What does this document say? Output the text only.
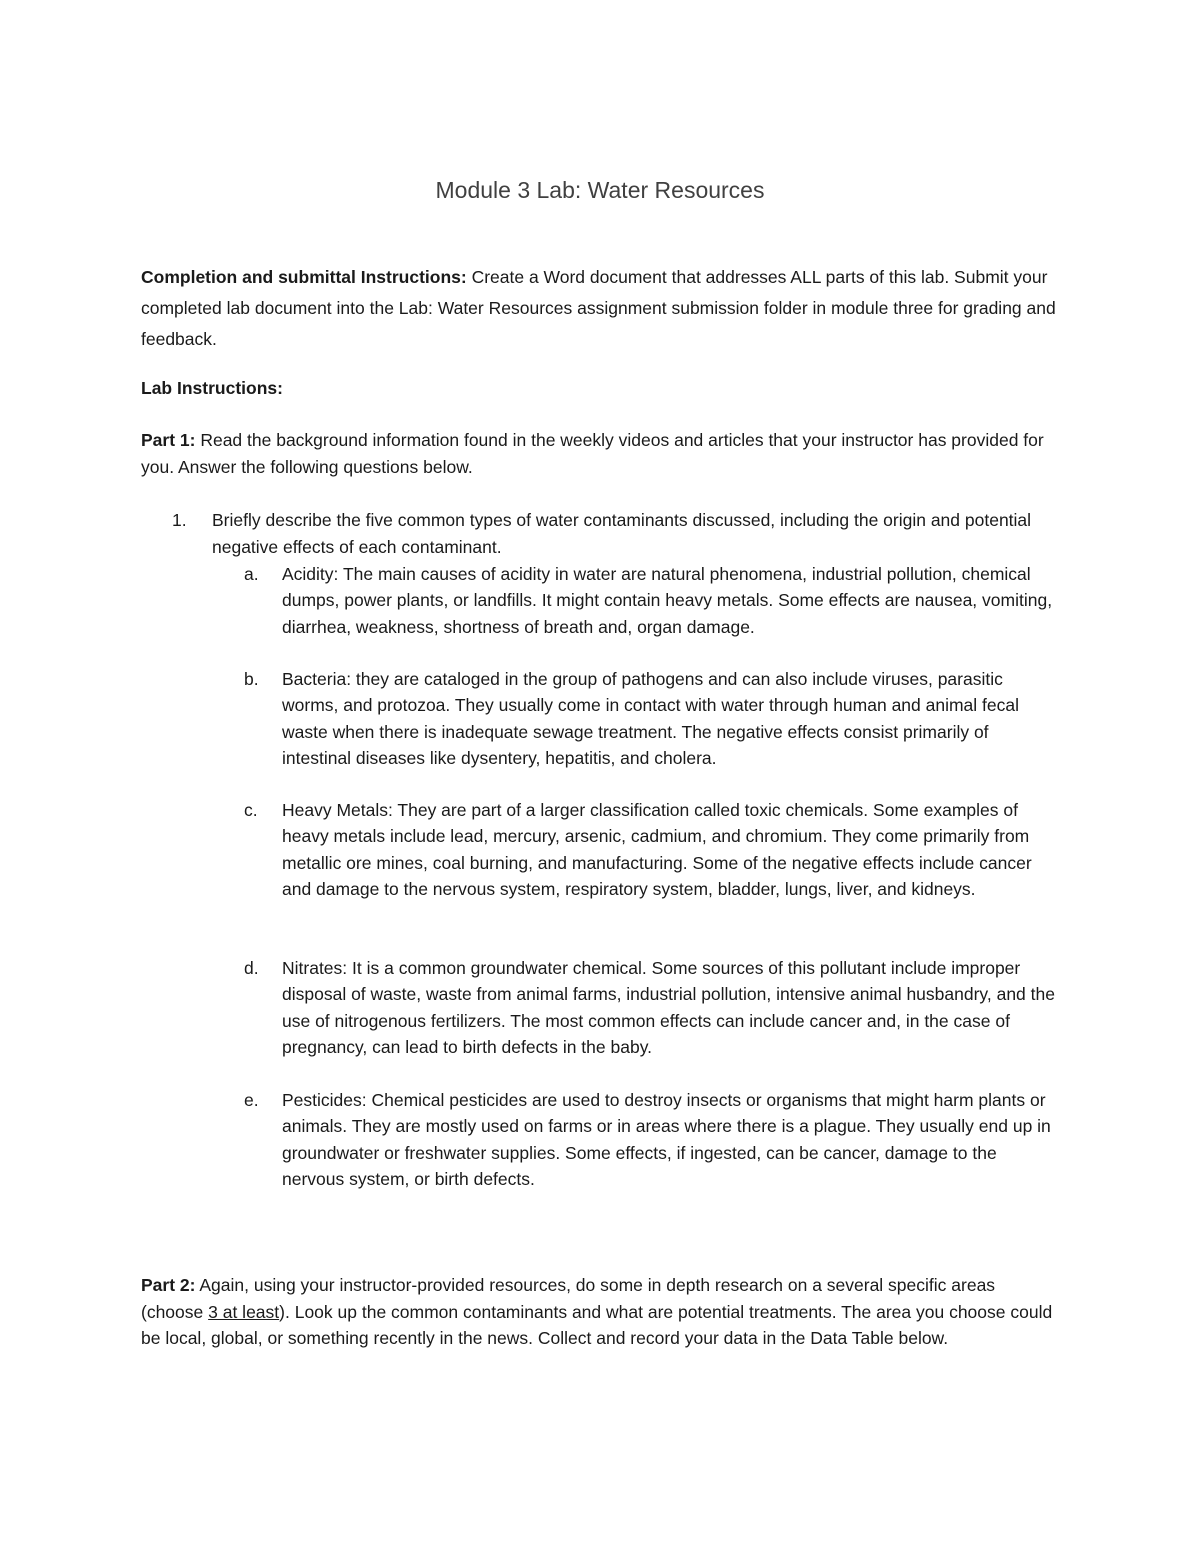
Module 3 Lab: Water Resources
Completion and submittal Instructions: Create a Word document that addresses ALL parts of this lab. Submit your completed lab document into the Lab: Water Resources assignment submission folder in module three for grading and feedback.
Lab Instructions:
Part 1: Read the background information found in the weekly videos and articles that your instructor has provided for you. Answer the following questions below.
1.	Briefly describe the five common types of water contaminants discussed, including the origin and potential negative effects of each contaminant.
a.	Acidity: The main causes of acidity in water are natural phenomena, industrial pollution, chemical dumps, power plants, or landfills. It might contain heavy metals. Some effects are nausea, vomiting, diarrhea, weakness, shortness of breath and, organ damage.
b.	Bacteria: they are cataloged in the group of pathogens and can also include viruses, parasitic worms, and protozoa. They usually come in contact with water through human and animal fecal waste when there is inadequate sewage treatment. The negative effects consist primarily of intestinal diseases like dysentery, hepatitis, and cholera.
c.	Heavy Metals: They are part of a larger classification called toxic chemicals. Some examples of heavy metals include lead, mercury, arsenic, cadmium, and chromium. They come primarily from metallic ore mines, coal burning, and manufacturing. Some of the negative effects include cancer and damage to the nervous system, respiratory system, bladder, lungs, liver, and kidneys.
d.	Nitrates: It is a common groundwater chemical. Some sources of this pollutant include improper disposal of waste, waste from animal farms, industrial pollution, intensive animal husbandry, and the use of nitrogenous fertilizers. The most common effects can include cancer and, in the case of pregnancy, can lead to birth defects in the baby.
e.	Pesticides: Chemical pesticides are used to destroy insects or organisms that might harm plants or animals. They are mostly used on farms or in areas where there is a plague. They usually end up in groundwater or freshwater supplies. Some effects, if ingested, can be cancer, damage to the nervous system, or birth defects.
Part 2: Again, using your instructor-provided resources, do some in depth research on a several specific areas (choose 3 at least). Look up the common contaminants and what are potential treatments. The area you choose could be local, global, or something recently in the news. Collect and record your data in the Data Table below.
